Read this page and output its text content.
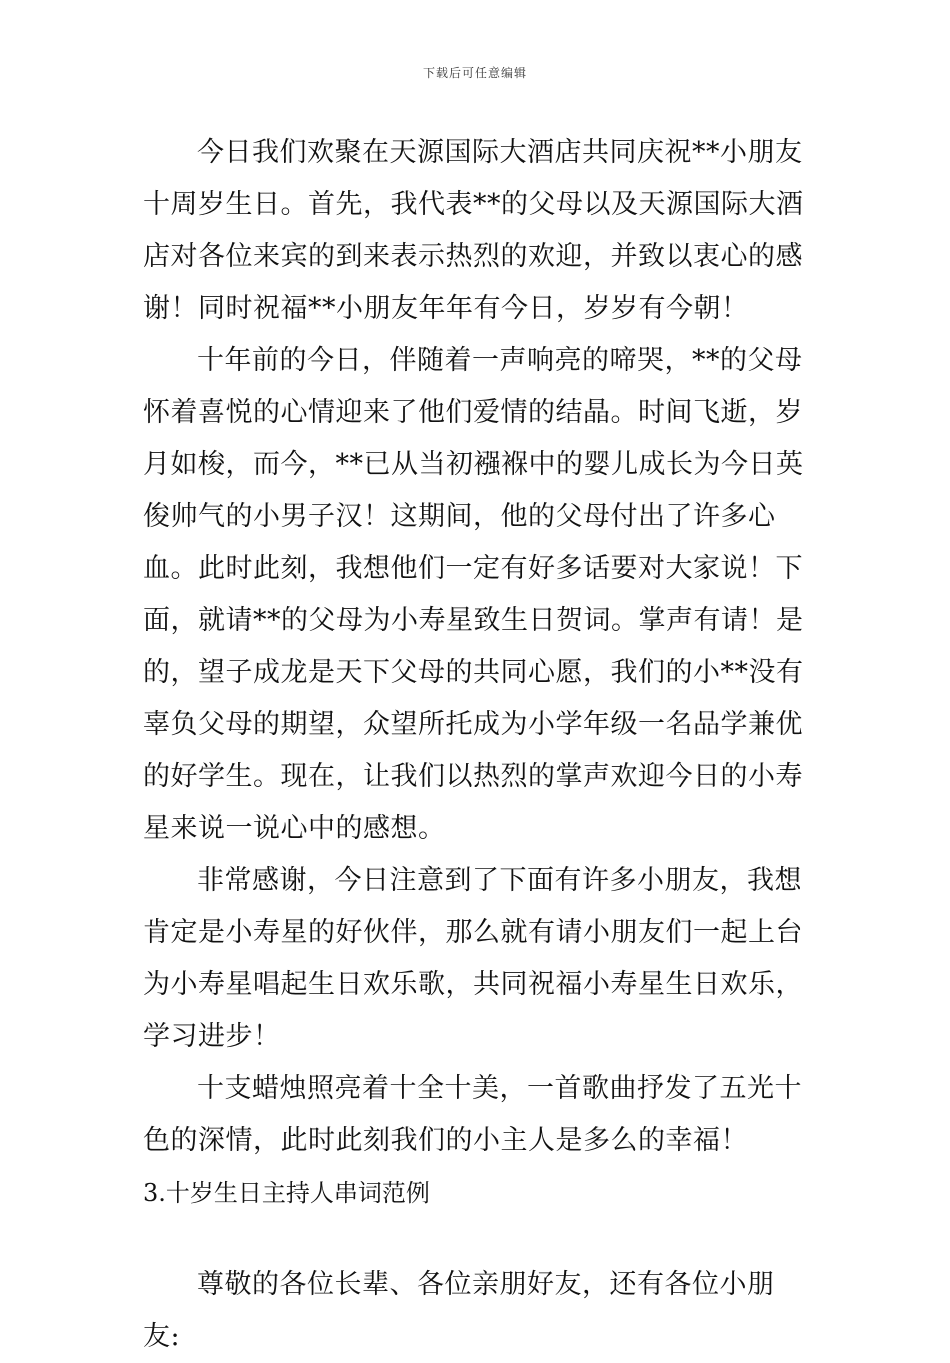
下载后可任意编辑

今日我们欢聚在天源国际大酒店共同庆祝**小朋友十周岁生日。首先，我代表**的父母以及天源国际大酒店对各位来宾的到来表示热烈的欢迎，并致以衷心的感谢！同时祝福**小朋友年年有今日，岁岁有今朝！

十年前的今日，伴随着一声响亮的啼哭，**的父母怀着喜悦的心情迎来了他们爱情的结晶。时间飞逝，岁月如梭，而今，**已从当初襁褓中的婴儿成长为今日英俊帅气的小男子汉！这期间，他的父母付出了许多心血。此时此刻，我想他们一定有好多话要对大家说！下面，就请**的父母为小寿星致生日贺词。掌声有请！是的，望子成龙是天下父母的共同心愿，我们的小**没有辜负父母的期望，众望所托成为小学年级一名品学兼优的好学生。现在，让我们以热烈的掌声欢迎今日的小寿星来说一说心中的感想。

非常感谢，今日注意到了下面有许多小朋友，我想肯定是小寿星的好伙伴，那么就有请小朋友们一起上台为小寿星唱起生日欢乐歌，共同祝福小寿星生日欢乐，学习进步！

十支蜡烛照亮着十全十美，一首歌曲抒发了五光十色的深情，此时此刻我们的小主人是多么的幸福！

3.十岁生日主持人串词范例

尊敬的各位长辈、各位亲朋好友，还有各位小朋友:
